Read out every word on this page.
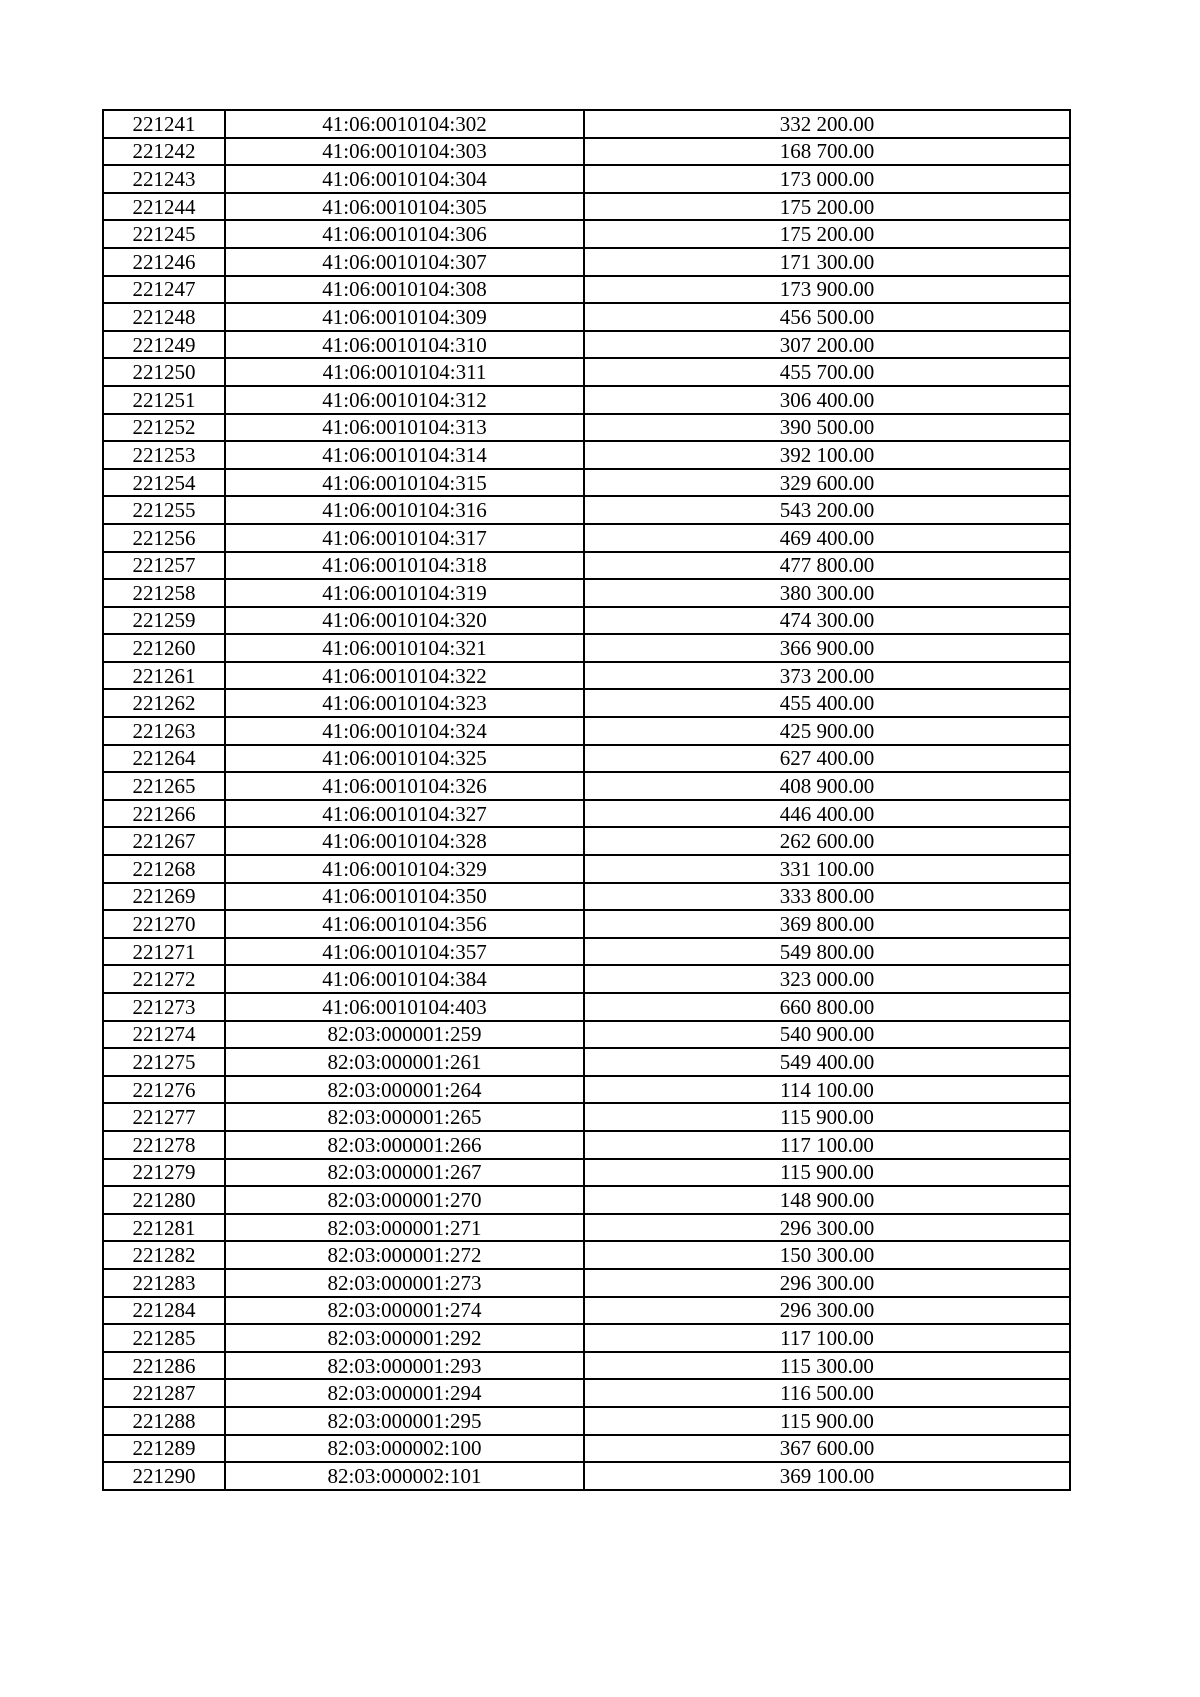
221241	41:06:0010104:302	332 200.00
221242	41:06:0010104:303	168 700.00
221243	41:06:0010104:304	173 000.00
221244	41:06:0010104:305	175 200.00
221245	41:06:0010104:306	175 200.00
221246	41:06:0010104:307	171 300.00
221247	41:06:0010104:308	173 900.00
221248	41:06:0010104:309	456 500.00
221249	41:06:0010104:310	307 200.00
221250	41:06:0010104:311	455 700.00
221251	41:06:0010104:312	306 400.00
221252	41:06:0010104:313	390 500.00
221253	41:06:0010104:314	392 100.00
221254	41:06:0010104:315	329 600.00
221255	41:06:0010104:316	543 200.00
221256	41:06:0010104:317	469 400.00
221257	41:06:0010104:318	477 800.00
221258	41:06:0010104:319	380 300.00
221259	41:06:0010104:320	474 300.00
221260	41:06:0010104:321	366 900.00
221261	41:06:0010104:322	373 200.00
221262	41:06:0010104:323	455 400.00
221263	41:06:0010104:324	425 900.00
221264	41:06:0010104:325	627 400.00
221265	41:06:0010104:326	408 900.00
221266	41:06:0010104:327	446 400.00
221267	41:06:0010104:328	262 600.00
221268	41:06:0010104:329	331 100.00
221269	41:06:0010104:350	333 800.00
221270	41:06:0010104:356	369 800.00
221271	41:06:0010104:357	549 800.00
221272	41:06:0010104:384	323 000.00
221273	41:06:0010104:403	660 800.00
221274	82:03:000001:259	540 900.00
221275	82:03:000001:261	549 400.00
221276	82:03:000001:264	114 100.00
221277	82:03:000001:265	115 900.00
221278	82:03:000001:266	117 100.00
221279	82:03:000001:267	115 900.00
221280	82:03:000001:270	148 900.00
221281	82:03:000001:271	296 300.00
221282	82:03:000001:272	150 300.00
221283	82:03:000001:273	296 300.00
221284	82:03:000001:274	296 300.00
221285	82:03:000001:292	117 100.00
221286	82:03:000001:293	115 300.00
221287	82:03:000001:294	116 500.00
221288	82:03:000001:295	115 900.00
221289	82:03:000002:100	367 600.00
221290	82:03:000002:101	369 100.00
